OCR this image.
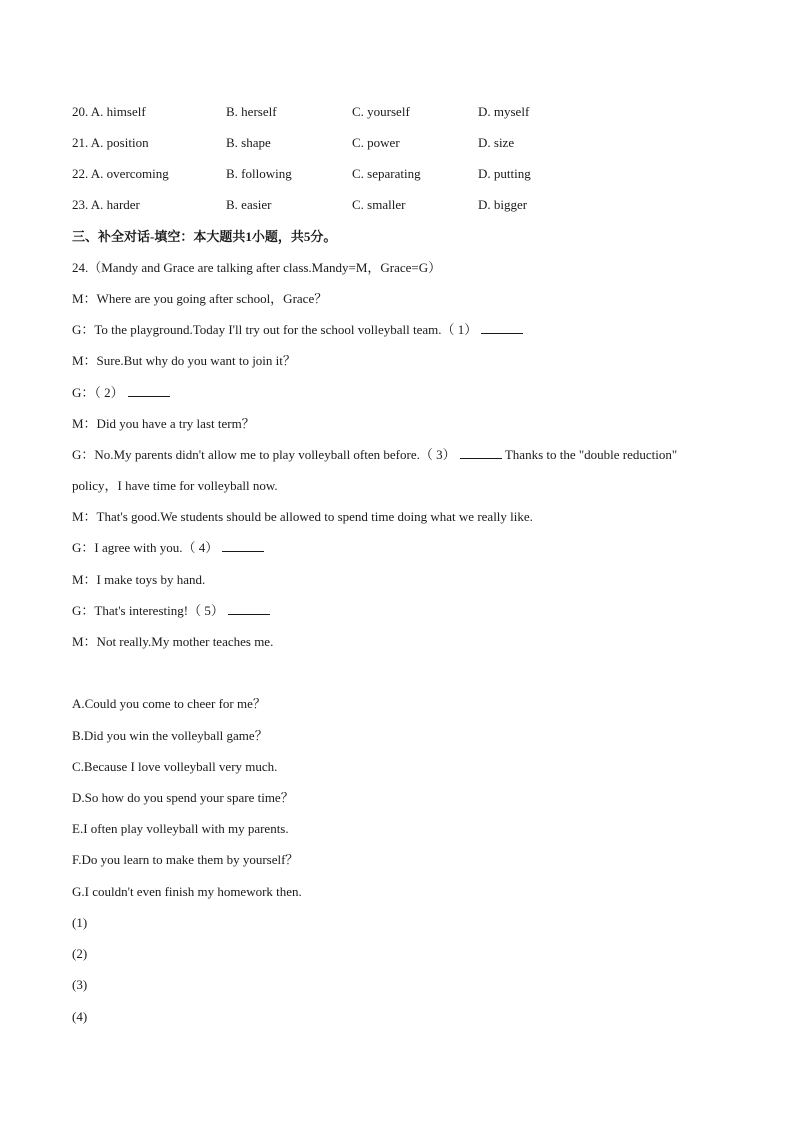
20. A. himself	B. herself	C. yourself	D. myself
21. A. position	B. shape	C. power	D. size
22. A. overcoming	B. following	C. separating	D. putting
23. A. harder	B. easier	C. smaller	D. bigger
三、补全对话-填空：本大题共1小题，共5分。
24.（Mandy and Grace are talking after class.Mandy=M，Grace=G）
M：Where are you going after school，Grace？
G：To the playground.Today I'll try out for the school volleyball team.（ 1）
M：Sure.But why do you want to join it？
G：（ 2）
M：Did you have a try last term？
G：No.My parents didn't allow me to play volleyball often before.（ 3）	Thanks to the "double reduction"
policy，I have time for volleyball now.
M：That's good.We students should be allowed to spend time doing what we really like.
G：I agree with you.（ 4）
M：I make toys by hand.
G：That's interesting!（ 5）
M：Not really.My mother teaches me.
A.Could you come to cheer for me？
B.Did you win the volleyball game？
C.Because I love volleyball very much.
D.So how do you spend your spare time？
E.I often play volleyball with my parents.
F.Do you learn to make them by yourself？
G.I couldn't even finish my homework then.
(1)
(2)
(3)
(4)
